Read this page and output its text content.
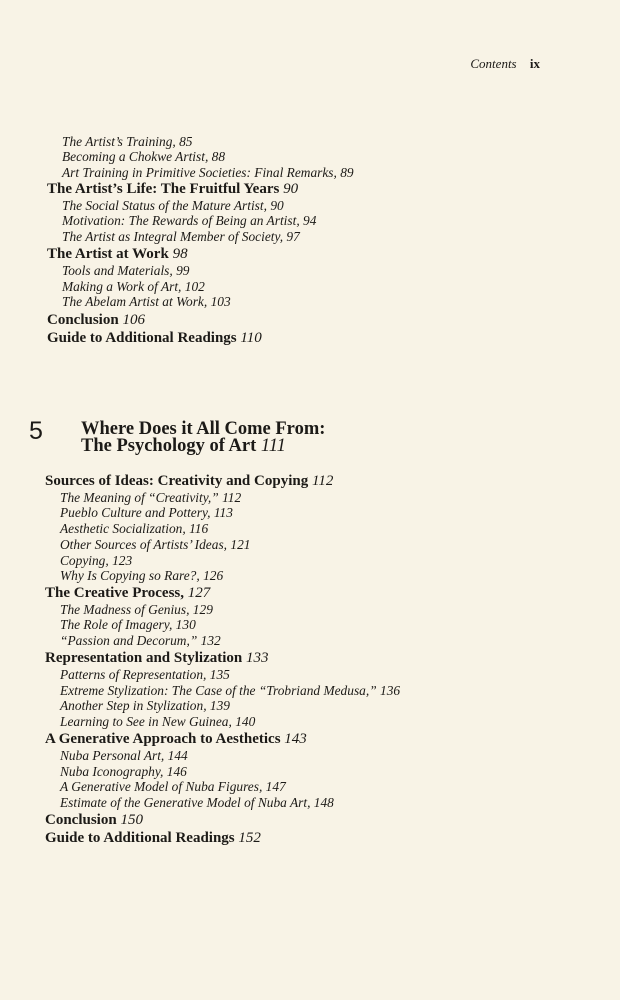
Contents ix
The Artist’s Training, 85
Becoming a Chokwe Artist, 88
Art Training in Primitive Societies: Final Remarks, 89
The Artist’s Life: The Fruitful Years 90
The Social Status of the Mature Artist, 90
Motivation: The Rewards of Being an Artist, 94
The Artist as Integral Member of Society, 97
The Artist at Work 98
Tools and Materials, 99
Making a Work of Art, 102
The Abelam Artist at Work, 103
Conclusion 106
Guide to Additional Readings 110
5 Where Does it All Come From:
The Psychology of Art 111
Sources of Ideas: Creativity and Copying 112
The Meaning of “Creativity,” 112
Pueblo Culture and Pottery, 113
Aesthetic Socialization, 116
Other Sources of Artists’ Ideas, 121
Copying, 123
Why Is Copying so Rare?, 126
The Creative Process, 127
The Madness of Genius, 129
The Role of Imagery, 130
“Passion and Decorum,” 132
Representation and Stylization 133
Patterns of Representation, 135
Extreme Stylization: The Case of the “Trobriand Medusa,” 136
Another Step in Stylization, 139
Learning to See in New Guinea, 140
A Generative Approach to Aesthetics 143
Nuba Personal Art, 144
Nuba Iconography, 146
A Generative Model of Nuba Figures, 147
Estimate of the Generative Model of Nuba Art, 148
Conclusion 150
Guide to Additional Readings 152
